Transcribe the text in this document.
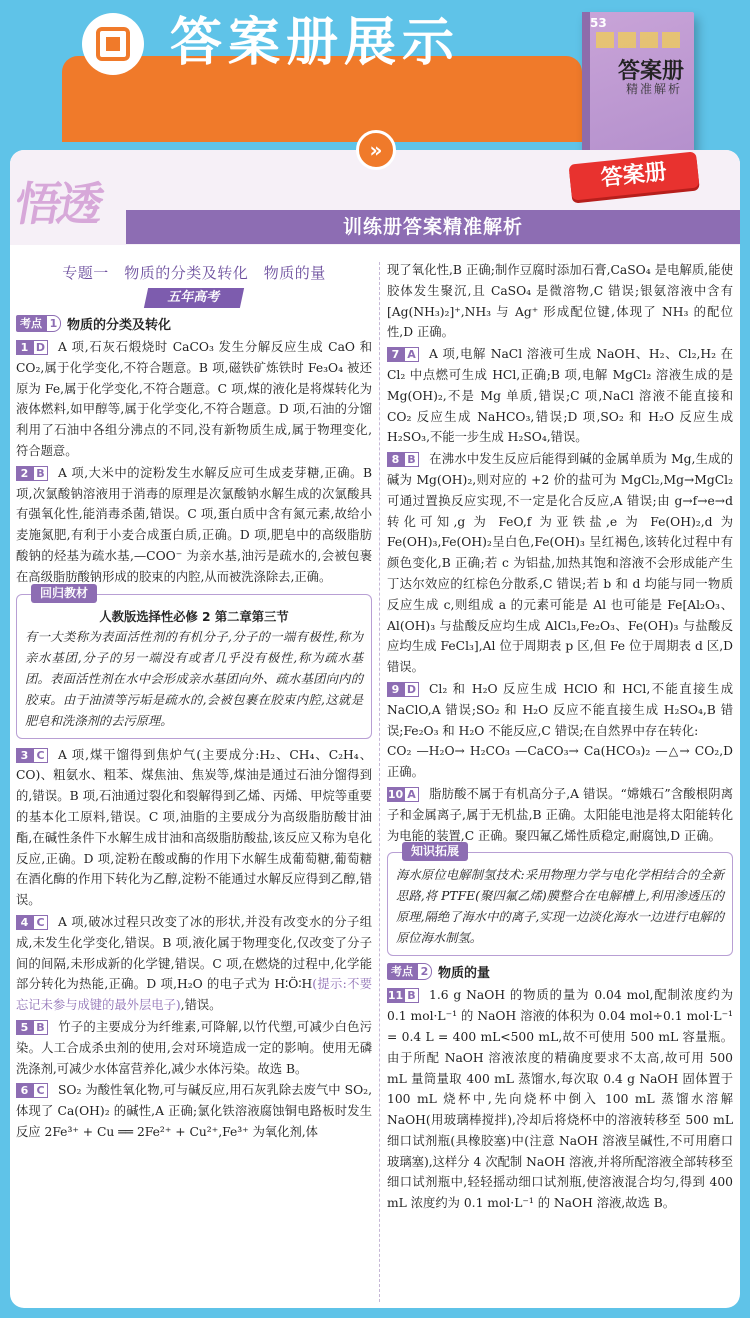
答案册展示	53
答案册
精准解析
悟透	训练册答案精准解析
专题一　物质的分类及转化　物质的量
五年高考
考点 1 物质的分类及转化

1 D A 项,石灰石煅烧时 CaCO₃ 发生分解反应生成 CaO 和 CO₂,属于化学变化,不符合题意。B 项,磁铁矿炼铁时 Fe₃O₄ 被还原为 Fe,属于化学变化,不符合题意。C 项,煤的液化是将煤转化为液体燃料,如甲醇等,属于化学变化,不符合题意。D 项,石油的分馏利用了石油中各组分沸点的不同,没有新物质生成,属于物理变化,符合题意。

2 B A 项,大米中的淀粉发生水解反应可生成麦芽糖,正确。B 项,次氯酸钠溶液用于消毒的原理是次氯酸钠水解生成的次氯酸具有强氧化性,能消毒杀菌,错误。C 项,蛋白质中含有氮元素,故给小麦施氮肥,有利于小麦合成蛋白质,正确。D 项,肥皂中的高级脂肪酸钠的烃基为疏水基,—COO⁻ 为亲水基,油污是疏水的,会被包裹在高级脂肪酸钠形成的胶束的内腔,从而被洗涤除去,正确。

回归教材
人教版选择性必修 2 第二章第三节

有一大类称为表面活性剂的有机分子,分子的一端有极性,称为亲水基团,分子的另一端没有或者几乎没有极性,称为疏水基团。表面活性剂在水中会形成亲水基团向外、疏水基团向内的胶束。由于油渍等污垢是疏水的,会被包裹在胶束内腔,这就是肥皂和洗涤剂的去污原理。

3 C A 项,煤干馏得到焦炉气(主要成分:H₂、CH₄、C₂H₄、CO)、粗氨水、粗苯、煤焦油、焦炭等,煤油是通过石油分馏得到的,错误。B 项,石油通过裂化和裂解得到乙烯、丙烯、甲烷等重要的基本化工原料,错误。C 项,油脂的主要成分为高级脂肪酸甘油酯,在碱性条件下水解生成甘油和高级脂肪酸盐,该反应又称为皂化反应,正确。D 项,淀粉在酸或酶的作用下水解生成葡萄糖,葡萄糖在酒化酶的作用下转化为乙醇,淀粉不能通过水解反应得到乙醇,错误。

4 C A 项,破冰过程只改变了冰的形状,并没有改变水的分子组成,未发生化学变化,错误。B 项,液化属于物理变化,仅改变了分子间的间隔,未形成新的化学键,错误。C 项,在燃烧的过程中,化学能部分转化为热能,正确。D 项,H₂O 的电子式为 H∶Ö∶H(提示:不要忘记未参与成键的最外层电子),错误。

5 B 竹子的主要成分为纤维素,可降解,以竹代塑,可减少白色污染。人工合成杀虫剂的使用,会对环境造成一定的影响。使用无磷洗涤剂,可减少水体富营养化,减少水体污染。故选 B。

6 C SO₂ 为酸性氧化物,可与碱反应,用石灰乳除去废气中 SO₂,体现了 Ca(OH)₂ 的碱性,A 正确;氯化铁溶液腐蚀铜电路板时发生反应 2Fe³⁺ + Cu ══ 2Fe²⁺ + Cu²⁺,Fe³⁺ 为氧化剂,体

现了氧化性,B 正确;制作豆腐时添加石膏,CaSO₄ 是电解质,能使胶体发生聚沉,且 CaSO₄ 是微溶物,C 错误;银氨溶液中含有 [Ag(NH₃)₂]⁺,NH₃ 与 Ag⁺ 形成配位键,体现了 NH₃ 的配位性,D 正确。

7 A A 项,电解 NaCl 溶液可生成 NaOH、H₂、Cl₂,H₂ 在 Cl₂ 中点燃可生成 HCl,正确;B 项,电解 MgCl₂ 溶液生成的是 Mg(OH)₂,不是 Mg 单质,错误;C 项,NaCl 溶液不能直接和 CO₂ 反应生成 NaHCO₃,错误;D 项,SO₂ 和 H₂O 反应生成 H₂SO₃,不能一步生成 H₂SO₄,错误。

8 B 在沸水中发生反应后能得到碱的金属单质为 Mg,生成的碱为 Mg(OH)₂,则对应的 +2 价的盐可为 MgCl₂,Mg→MgCl₂ 可通过置换反应实现,不一定是化合反应,A 错误;由 g→f→e→d 转化可知,g 为 FeO,f 为亚铁盐,e 为 Fe(OH)₂,d 为 Fe(OH)₃,Fe(OH)₂呈白色,Fe(OH)₃ 呈红褐色,该转化过程中有颜色变化,B 正确;若 c 为铝盐,加热其饱和溶液不会形成能产生丁达尔效应的红棕色分散系,C 错误;若 b 和 d 均能与同一物质反应生成 c,则组成 a 的元素可能是 Al 也可能是 Fe[Al₂O₃、Al(OH)₃ 与盐酸反应均生成 AlCl₃,Fe₂O₃、Fe(OH)₃ 与盐酸反应均生成 FeCl₃],Al 位于周期表 p 区,但 Fe 位于周期表 d 区,D 错误。

9 D Cl₂ 和 H₂O 反应生成 HClO 和 HCl,不能直接生成 NaClO,A 错误;SO₂ 和 H₂O 反应不能直接生成 H₂SO₄,B 错误;Fe₂O₃ 和 H₂O 不能反应,C 错误;在自然界中存在转化:
CO₂ —H₂O→ H₂CO₃ —CaCO₃→ Ca(HCO₃)₂ —△→ CO₂,D 正确。

10 A 脂肪酸不属于有机高分子,A 错误。“嫦娥石”含酸根阴离子和金属离子,属于无机盐,B 正确。太阳能电池是将太阳能转化为电能的装置,C 正确。聚四氟乙烯性质稳定,耐腐蚀,D 正确。

知识拓展

海水原位电解制氢技术:采用物理力学与电化学相结合的全新思路,将 PTFE(聚四氟乙烯)膜整合在电解槽上,利用渗透压的原理,隔绝了海水中的离子,实现一边淡化海水一边进行电解的原位海水制氢。

考点 2 物质的量

11 B 1.6 g NaOH 的物质的量为 0.04 mol,配制浓度约为 0.1 mol·L⁻¹ 的 NaOH 溶液的体积为 0.04 mol÷0.1 mol·L⁻¹ = 0.4 L = 400 mL<500 mL,故不可使用 500 mL 容量瓶。由于所配 NaOH 溶液浓度的精确度要求不太高,故可用 500 mL 量筒量取 400 mL 蒸馏水,每次取 0.4 g NaOH 固体置于 100 mL 烧杯中,先向烧杯中倒入 100 mL 蒸馏水溶解 NaOH(用玻璃棒搅拌),冷却后将烧杯中的溶液转移至 500 mL 细口试剂瓶(具橡胶塞)中(注意 NaOH 溶液呈碱性,不可用磨口玻璃塞),这样分 4 次配制 NaOH 溶液,并将所配溶液全部转移至细口试剂瓶中,轻轻摇动细口试剂瓶,使溶液混合均匀,得到 400 mL 浓度约为 0.1 mol·L⁻¹ 的 NaOH 溶液,故选 B。

»
答案册
